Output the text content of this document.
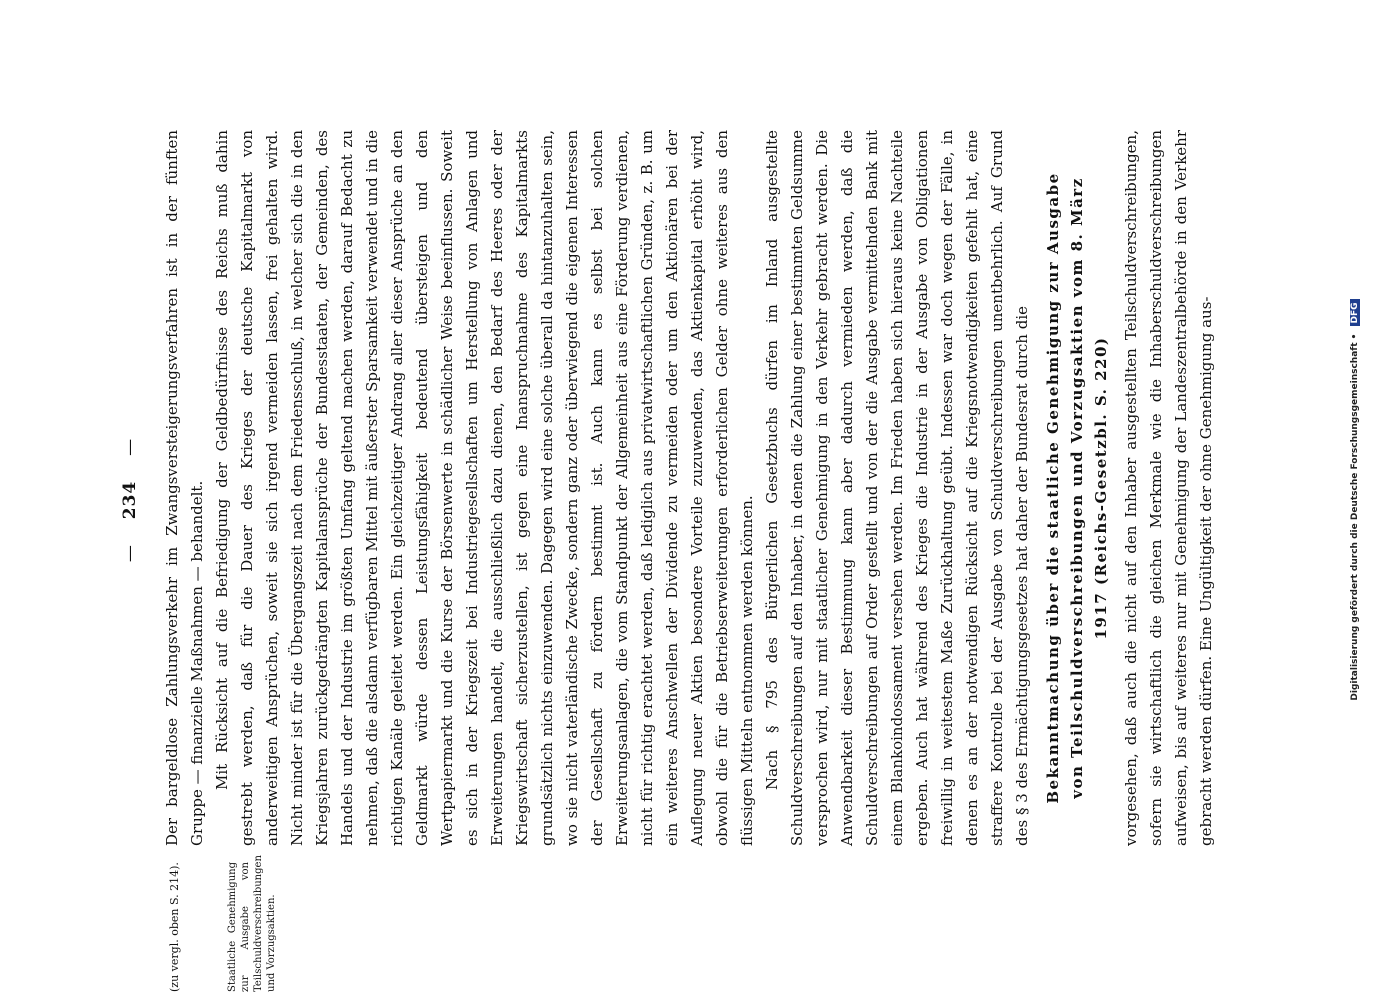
— 234 —
(zu vergl. oben S. 214).	Staatliche Genehmigung zur Ausgabe von Teilschuldverschreibungen und Vorzugsaktien.

Der bargeldlose Zahlungsverkehr im Zwangsversteigerungsverfahren ist in der fünften Gruppe — finanzielle Maßnahmen — behandelt. Mit Rücksicht auf die Befriedigung der Geldbedürfnisse des Reichs muß dahin gestrebt werden, daß für die Dauer des Krieges der deutsche Kapitalmarkt von anderweitigen Ansprüchen, soweit sie sich irgend vermeiden lassen, frei gehalten wird. Nicht minder ist für die Übergangszeit nach dem Friedensschluß, in welcher sich die in den Kriegsjahren zurückgedrängten Kapitalansprüche der Bundesstaaten, der Gemeinden, des Handels und der Industrie im größten Umfang geltend machen werden, darauf Bedacht zu nehmen, daß die alsdann verfügbaren Mittel mit äußerster Sparsamkeit verwendet und in die richtigen Kanäle geleitet werden. Ein gleichzeitiger Andrang aller dieser Ansprüche an den Geldmarkt würde dessen Leistungsfähigkeit bedeutend übersteigen und den Wertpapiermarkt und die Kurse der Börsenwerte in schädlicher Weise beeinflussen. Soweit es sich in der Kriegszeit bei Industriegesellschaften um Herstellung von Anlagen und Erweiterungen handelt, die ausschließlich dazu dienen, den Bedarf des Heeres oder der Kriegswirtschaft sicherzustellen, ist gegen eine Inanspruchnahme des Kapitalmarkts grundsätzlich nichts einzuwenden. Dagegen wird eine solche überall da hintanzuhalten sein, wo sie nicht vaterländische Zwecke, sondern ganz oder überwiegend die eigenen Interessen der Gesellschaft zu fördern bestimmt ist. Auch kann es selbst bei solchen Erweiterungsanlagen, die vom Standpunkt der Allgemeinheit aus eine Förderung verdienen, nicht für richtig erachtet werden, daß lediglich aus privatwirtschaftlichen Gründen, z. B. um ein weiteres Anschwellen der Dividende zu vermeiden oder um den Aktionären bei der Auflegung neuer Aktien besondere Vorteile zuzuwenden, das Aktienkapital erhöht wird, obwohl die für die Betriebserweiterungen erforderlichen Gelder ohne weiteres aus den flüssigen Mitteln entnommen werden können. Nach § 795 des Bürgerlichen Gesetzbuchs dürfen im Inland ausgestellte Schuldverschreibungen auf den Inhaber, in denen die Zahlung einer bestimmten Geldsumme versprochen wird, nur mit staatlicher Genehmigung in den Verkehr gebracht werden. Die Anwendbarkeit dieser Bestimmung kann aber dadurch vermieden werden, daß die Schuldverschreibungen auf Order gestellt und von der die Ausgabe vermittelnden Bank mit einem Blankoindossament versehen werden. Im Frieden haben sich hieraus keine Nachteile ergeben. Auch hat während des Krieges die Industrie in der Ausgabe von Obligationen freiwillig in weitestem Maße Zurückhaltung geübt. Indessen war doch wegen der Fälle, in denen es an der notwendigen Rücksicht auf die Kriegsnotwendigkeiten gefehlt hat, eine straffere Kontrolle bei der Ausgabe von Schuldverschreibungen unentbehrlich. Auf Grund des § 3 des Ermächtigungsgesetzes hat daher der Bundesrat durch die Bekanntmachung über die staatliche Genehmigung zur Ausgabe von Teilschuldverschreibungen und Vorzugsaktien vom 8. März 1917 (Reichs-Gesetzbl. S. 220) vorgesehen, daß auch die nicht auf den Inhaber ausgestellten Teilschuldverschreibungen, sofern sie wirtschaftlich die gleichen Merkmale wie die Inhaberschuldverschreibungen aufweisen, bis auf weiteres nur mit Genehmigung der Landeszentralbehörde in den Verkehr gebracht werden dürfen. Eine Ungültigkeit der ohne Genehmigung aus-	Digitalisierung gefördert durch die Deutsche Forschungsgemeinschaft • DFG
